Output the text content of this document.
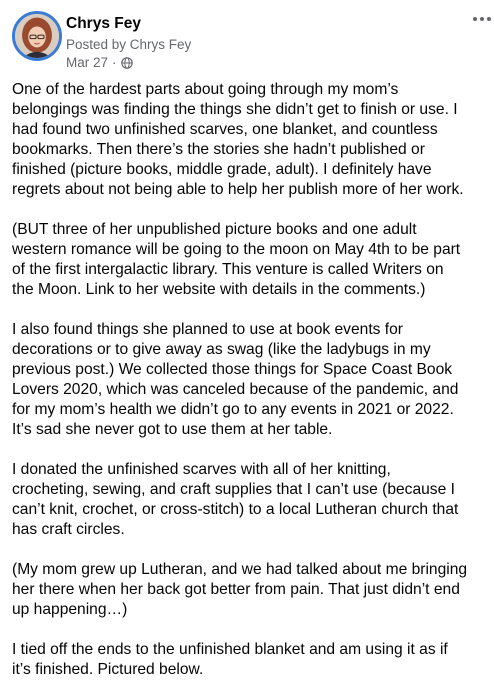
Chrys Fey
Posted by Chrys Fey
Mar 27 ·

One of the hardest parts about going through my mom’s
belongings was finding the things she didn’t get to finish or use. I
had found two unfinished scarves, one blanket, and countless
bookmarks. Then there’s the stories she hadn’t published or
finished (picture books, middle grade, adult). I definitely have
regrets about not being able to help her publish more of her work.

(BUT three of her unpublished picture books and one adult
western romance will be going to the moon on May 4th to be part
of the first intergalactic library. This venture is called Writers on
the Moon. Link to her website with details in the comments.)

I also found things she planned to use at book events for
decorations or to give away as swag (like the ladybugs in my
previous post.) We collected those things for Space Coast Book
Lovers 2020, which was canceled because of the pandemic, and
for my mom’s health we didn’t go to any events in 2021 or 2022.
It’s sad she never got to use them at her table.

I donated the unfinished scarves with all of her knitting,
crocheting, sewing, and craft supplies that I can’t use (because I
can’t knit, crochet, or cross-stitch) to a local Lutheran church that
has craft circles.

(My mom grew up Lutheran, and we had talked about me bringing
her there when her back got better from pain. That just didn’t end
up happening…)

I tied off the ends to the unfinished blanket and am using it as if
it’s finished. Pictured below.
